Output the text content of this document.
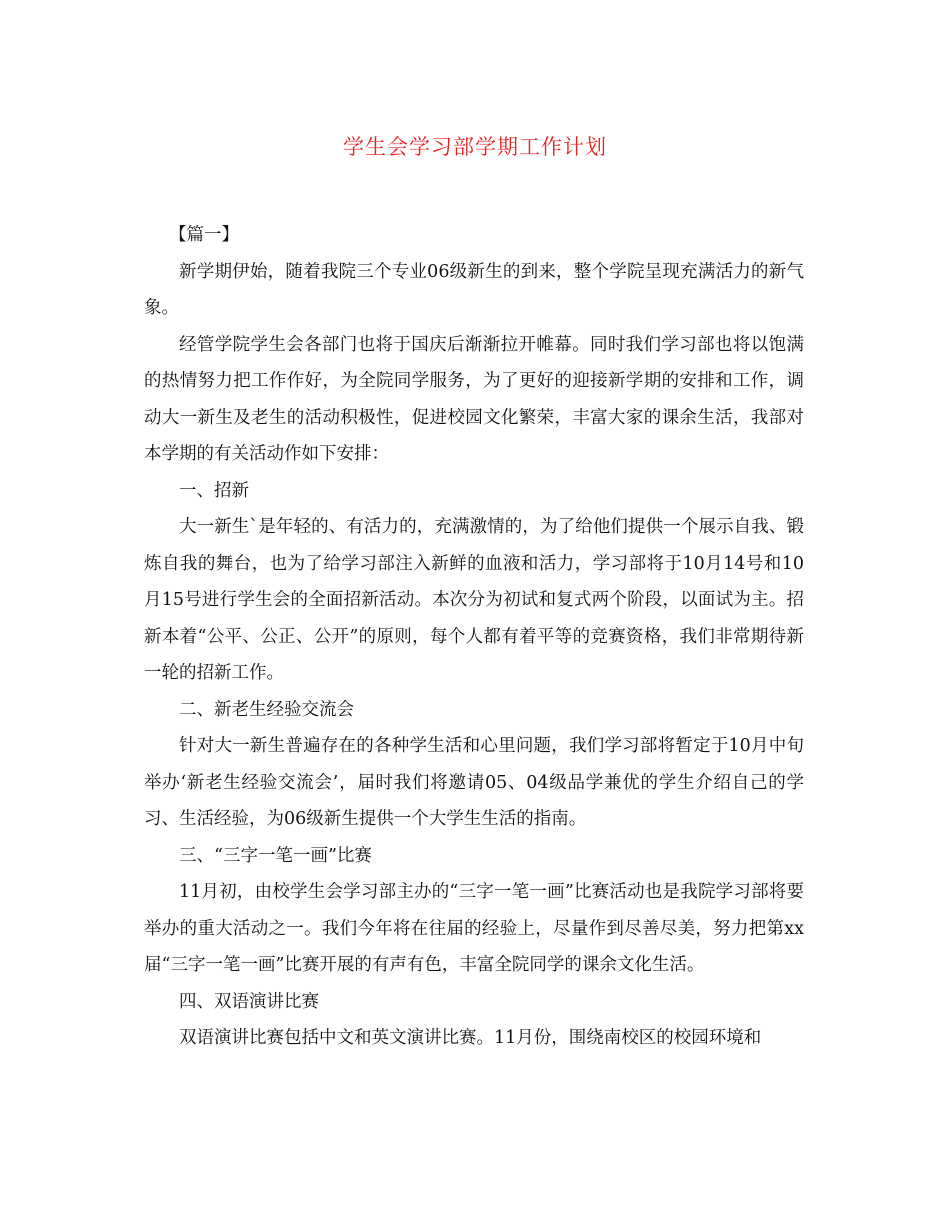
学生会学习部学期工作计划

【篇一】

新学期伊始，随着我院三个专业06级新生的到来，整个学院呈现充满活力的新气象。

经管学院学生会各部门也将于国庆后渐渐拉开帷幕。同时我们学习部也将以饱满的热情努力把工作作好，为全院同学服务，为了更好的迎接新学期的安排和工作，调动大一新生及老生的活动积极性，促进校园文化繁荣，丰富大家的课余生活，我部对本学期的有关活动作如下安排：

一、招新

大一新生`是年轻的、有活力的，充满激情的，为了给他们提供一个展示自我、锻炼自我的舞台，也为了给学习部注入新鲜的血液和活力，学习部将于10月14号和10月15号进行学生会的全面招新活动。本次分为初试和复式两个阶段，以面试为主。招新本着“公平、公正、公开”的原则，每个人都有着平等的竞赛资格，我们非常期待新一轮的招新工作。

二、新老生经验交流会

针对大一新生普遍存在的各种学生活和心里问题，我们学习部将暂定于10月中旬举办‘新老生经验交流会’，届时我们将邀请05、04级品学兼优的学生介绍自己的学习、生活经验，为06级新生提供一个大学生生活的指南。

三、“三字一笔一画”比赛

11月初，由校学生会学习部主办的“三字一笔一画”比赛活动也是我院学习部将要举办的重大活动之一。我们今年将在往届的经验上，尽量作到尽善尽美，努力把第xx届“三字一笔一画”比赛开展的有声有色，丰富全院同学的课余文化生活。

四、双语演讲比赛

双语演讲比赛包括中文和英文演讲比赛。11月份，围绕南校区的校园环境和
